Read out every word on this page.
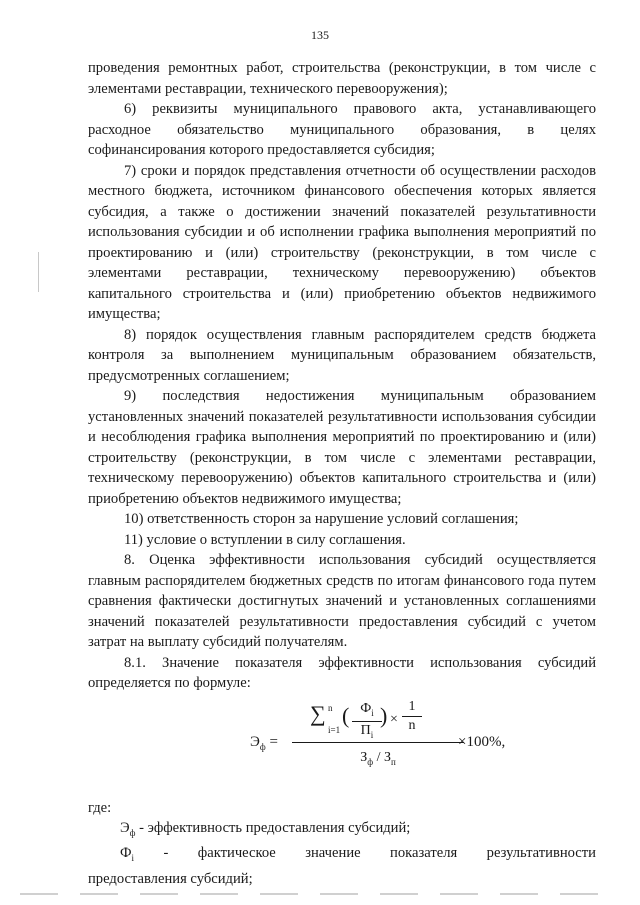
135

проведения ремонтных работ, строительства (реконструкции, в том числе с элементами реставрации, технического перевооружения);

6) реквизиты муниципального правового акта, устанавливающего расходное обязательство муниципального образования, в целях софинансирования которого предоставляется субсидия;

7) сроки и порядок представления отчетности об осуществлении расходов местного бюджета, источником финансового обеспечения которых является субсидия, а также о достижении значений показателей результативности использования субсидии и об исполнении графика выполнения мероприятий по проектированию и (или) строительству (реконструкции, в том числе с элементами реставрации, техническому перевооружению) объектов капитального строительства и (или) приобретению объектов недвижимого имущества;

8) порядок осуществления главным распорядителем средств бюджета контроля за выполнением муниципальным образованием обязательств, предусмотренных соглашением;

9) последствия недостижения муниципальным образованием установленных значений показателей результативности использования субсидии и несоблюдения графика выполнения мероприятий по проектированию и (или) строительству (реконструкции, в том числе с элементами реставрации, техническому перевооружению) объектов капитального строительства и (или) приобретению объектов недвижимого имущества;

10) ответственность сторон за нарушение условий соглашения;

11) условие о вступлении в силу соглашения.

8. Оценка эффективности использования субсидий осуществляется главным распорядителем бюджетных средств по итогам финансового года путем сравнения фактически достигнутых значений и установленных соглашениями значений показателей результативности предоставления субсидий с учетом затрат на выплату субсидий получателям.

8.1. Значение показателя эффективности использования субсидий определяется по формуле:

$Э_ф$ =
∑ n
i=1
( $Ф_i$
$П_i$
) ×
1
n
$З_ф / З_п$
×100%,

где:

$Э_ф$ - эффективность предоставления субсидий;

$Ф_i$ - фактическое значение показателя результативности

предоставления субсидий;
